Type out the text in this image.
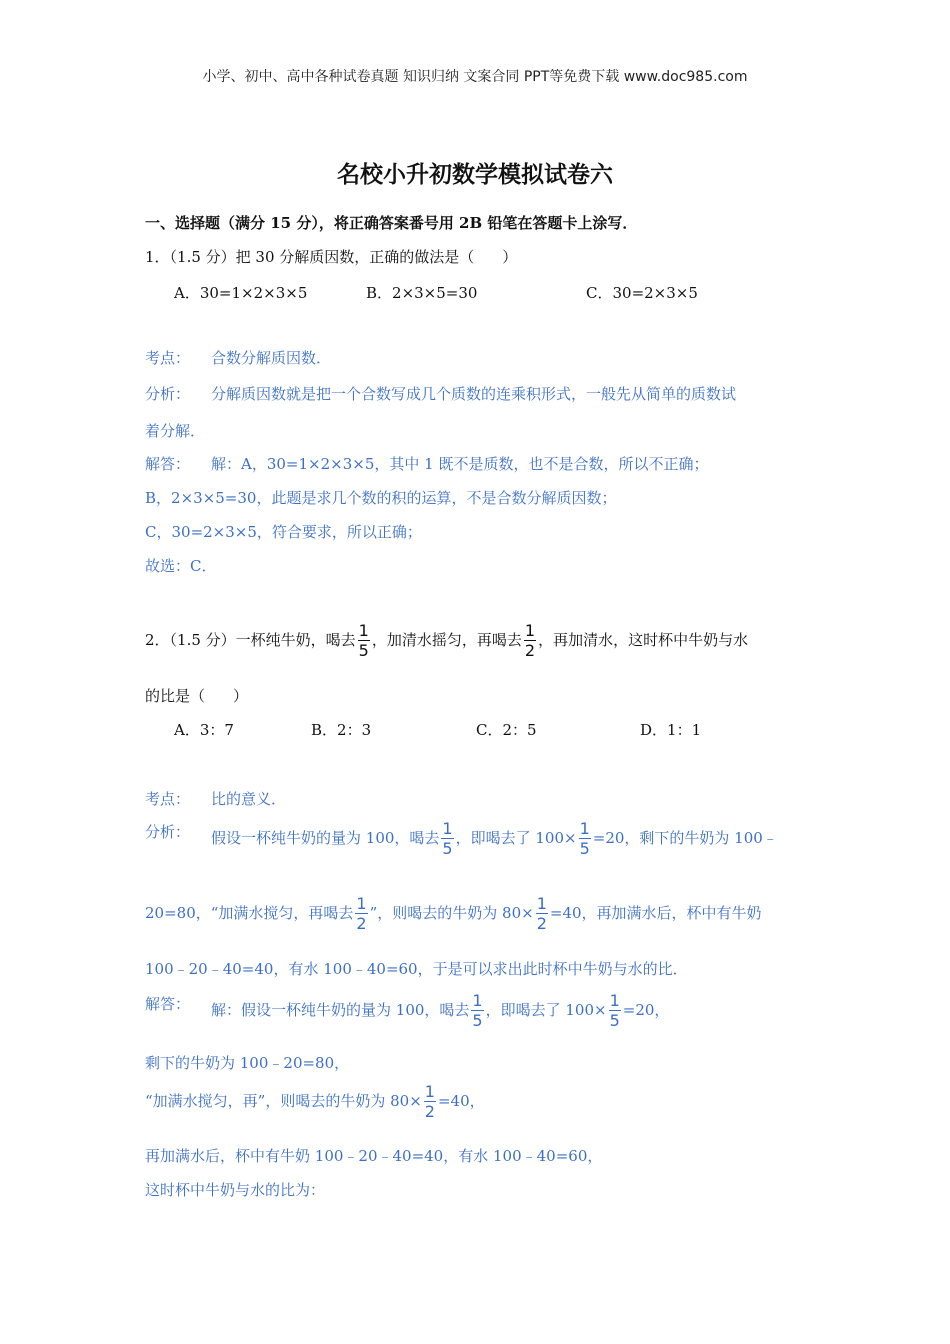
小学、初中、高中各种试卷真题 知识归纳 文案合同 PPT等免费下载 www.doc985.com
名校小升初数学模拟试卷六
一、选择题（满分 15 分），将正确答案番号用 2B 铅笔在答题卡上涂写．
1．（1.5 分）把 30 分解质因数，正确的做法是（ ）
A．30=1×2×3×5	B．2×3×5=30	C．30=2×3×5
考点： 合数分解质因数．
分析： 分解质因数就是把一个合数写成几个质数的连乘积形式，一般先从简单的质数试
着分解．
解答： 解：A，30=1×2×3×5，其中 1 既不是质数，也不是合数，所以不正确；
B，2×3×5=30，此题是求几个数的积的运算，不是合数分解质因数；
C，30=2×3×5，符合要求，所以正确；
故选：C．
2．（1.5 分）一杯纯牛奶，喝去 $\frac{1}{5}$ ，加清水摇匀，再喝去 $\frac{1}{2}$ ，再加清水，这时杯中牛奶与水
的比是（ ）
A．3：7	B．2：3	C．2：5	D．1：1
考点： 比的意义．
分析： 假设一杯纯牛奶的量为 100，喝去 $\frac{1}{5}$ ，即喝去了 $100\times \frac{1}{5} =20$，剩下的牛奶为 100﹣
20=80，“加满水搅匀，再喝去 $\frac{1}{2}$ ”，则喝去的牛奶为 $80\times \frac{1}{2} =40$，再加满水后，杯中有牛奶
100﹣20﹣40=40，有水 100﹣40=60，于是可以求出此时杯中牛奶与水的比．
解答： 解：假设一杯纯牛奶的量为 100，喝去 $\frac{1}{5}$ ，即喝去了 $100\times \frac{1}{5} =20$，
剩下的牛奶为 100﹣20=80，
“加满水搅匀，再”，则喝去的牛奶为 $80\times \frac{1}{2} =40$，
再加满水后，杯中有牛奶 100﹣20﹣40=40，有水 100﹣40=60，
这时杯中牛奶与水的比为：
